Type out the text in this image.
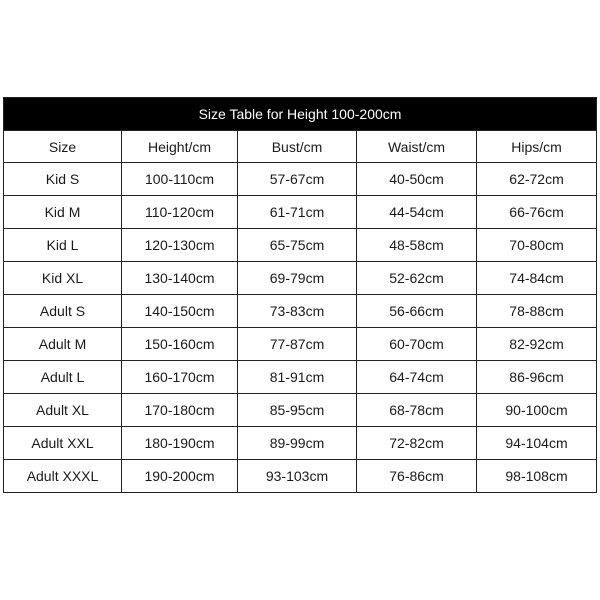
Size Table for Height 100-200cm				
Size	Height/cm	Bust/cm	Waist/cm	Hips/cm
Kid S	100-110cm	57-67cm	40-50cm	62-72cm
Kid M	110-120cm	61-71cm	44-54cm	66-76cm
Kid L	120-130cm	65-75cm	48-58cm	70-80cm
Kid XL	130-140cm	69-79cm	52-62cm	74-84cm
Adult S	140-150cm	73-83cm	56-66cm	78-88cm
Adult M	150-160cm	77-87cm	60-70cm	82-92cm
Adult L	160-170cm	81-91cm	64-74cm	86-96cm
Adult XL	170-180cm	85-95cm	68-78cm	90-100cm
Adult XXL	180-190cm	89-99cm	72-82cm	94-104cm
Adult XXXL	190-200cm	93-103cm	76-86cm	98-108cm
